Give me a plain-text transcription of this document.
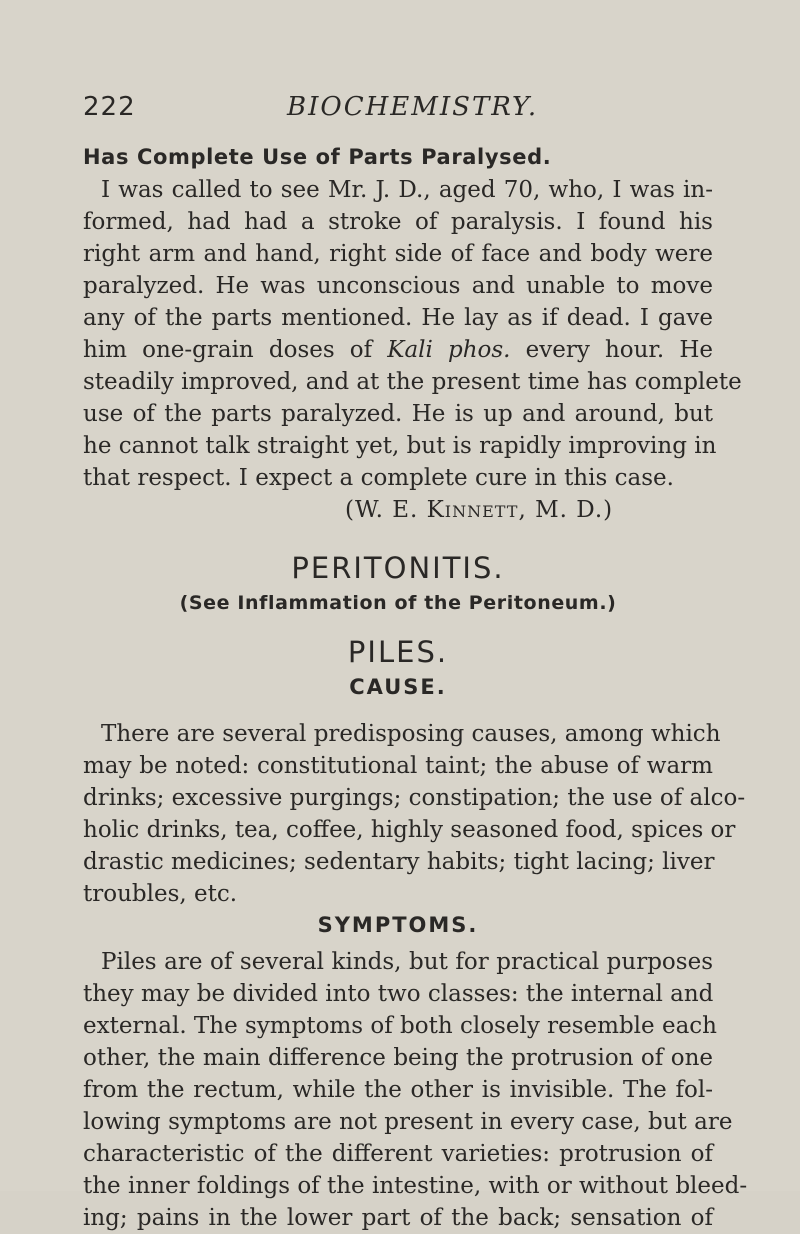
222	BIOCHEMISTRY.
Has Complete Use of Parts Paralysed.
I was called to see Mr. J. D., aged 70, who, I was in-
formed, had had a stroke of paralysis. I found his
right arm and hand, right side of face and body were
paralyzed. He was unconscious and unable to move
any of the parts mentioned. He lay as if dead. I gave
him one-grain doses of Kali phos. every hour. He
steadily improved, and at the present time has complete
use of the parts paralyzed. He is up and around, but
he cannot talk straight yet, but is rapidly improving in
that respect. I expect a complete cure in this case.
(W. E. Kinnett, M. D.)
PERITONITIS.
(See Inflammation of the Peritoneum.)
PILES.
CAUSE.
There are several predisposing causes, among which
may be noted: constitutional taint; the abuse of warm
drinks; excessive purgings; constipation; the use of alco-
holic drinks, tea, coffee, highly seasoned food, spices or
drastic medicines; sedentary habits; tight lacing; liver
troubles, etc.
SYMPTOMS.
Piles are of several kinds, but for practical purposes
they may be divided into two classes: the internal and
external. The symptoms of both closely resemble each
other, the main difference being the protrusion of one
from the rectum, while the other is invisible. The fol-
lowing symptoms are not present in every case, but are
characteristic of the different varieties: protrusion of
the inner foldings of the intestine, with or without bleed-
ing; pains in the lower part of the back; sensation of
